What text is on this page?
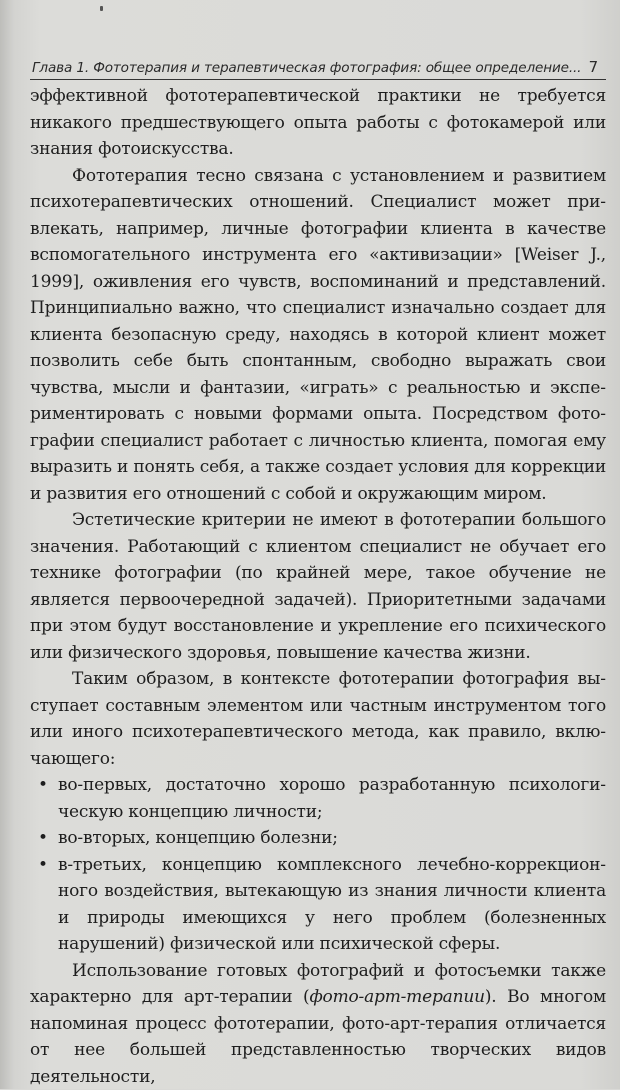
Глава 1. Фототерапия и терапевтическая фотография: общее определение... 7

эффективной фототерапевтической практики не требуется никакого предшествующего опыта работы с фотокамерой или знания фотоискусства.

Фототерапия тесно связана с установлением и развитием психотерапевтических отношений. Специалист может привлекать, например, личные фотографии клиента в качестве вспомогательного инструмента его «активизации» [Weiser J., 1999], оживления его чувств, воспоминаний и представлений. Принципиально важно, что специалист изначально создает для клиента безопасную среду, находясь в которой клиент может позволить себе быть спонтанным, свободно выражать свои чувства, мысли и фантазии, «играть» с реальностью и экспериментировать с новыми формами опыта. Посредством фотографии специалист работает с личностью клиента, помогая ему выразить и понять себя, а также создает условия для коррекции и развития его отношений с собой и окружающим миром.

Эстетические критерии не имеют в фототерапии большого значения. Работающий с клиентом специалист не обучает его технике фотографии (по крайней мере, такое обучение не является первоочередной задачей). Приоритетными задачами при этом будут восстановление и укрепление его психического или физического здоровья, повышение качества жизни.

Таким образом, в контексте фототерапии фотография выступает составным элементом или частным инструментом того или иного психотерапевтического метода, как правило, включающего:

• во-первых, достаточно хорошо разработанную психологическую концепцию личности;
• во-вторых, концепцию болезни;
• в-третьих, концепцию комплексного лечебно-коррекционного воздействия, вытекающую из знания личности клиента и природы имеющихся у него проблем (болезненных нарушений) физической или психической сферы.

Использование готовых фотографий и фотосъемки также характерно для арт-терапии (фото-арт-терапии). Во многом напоминая процесс фототерапии, фото-арт-терапия отличается от нее большей представленностью творческих видов деятельности,
